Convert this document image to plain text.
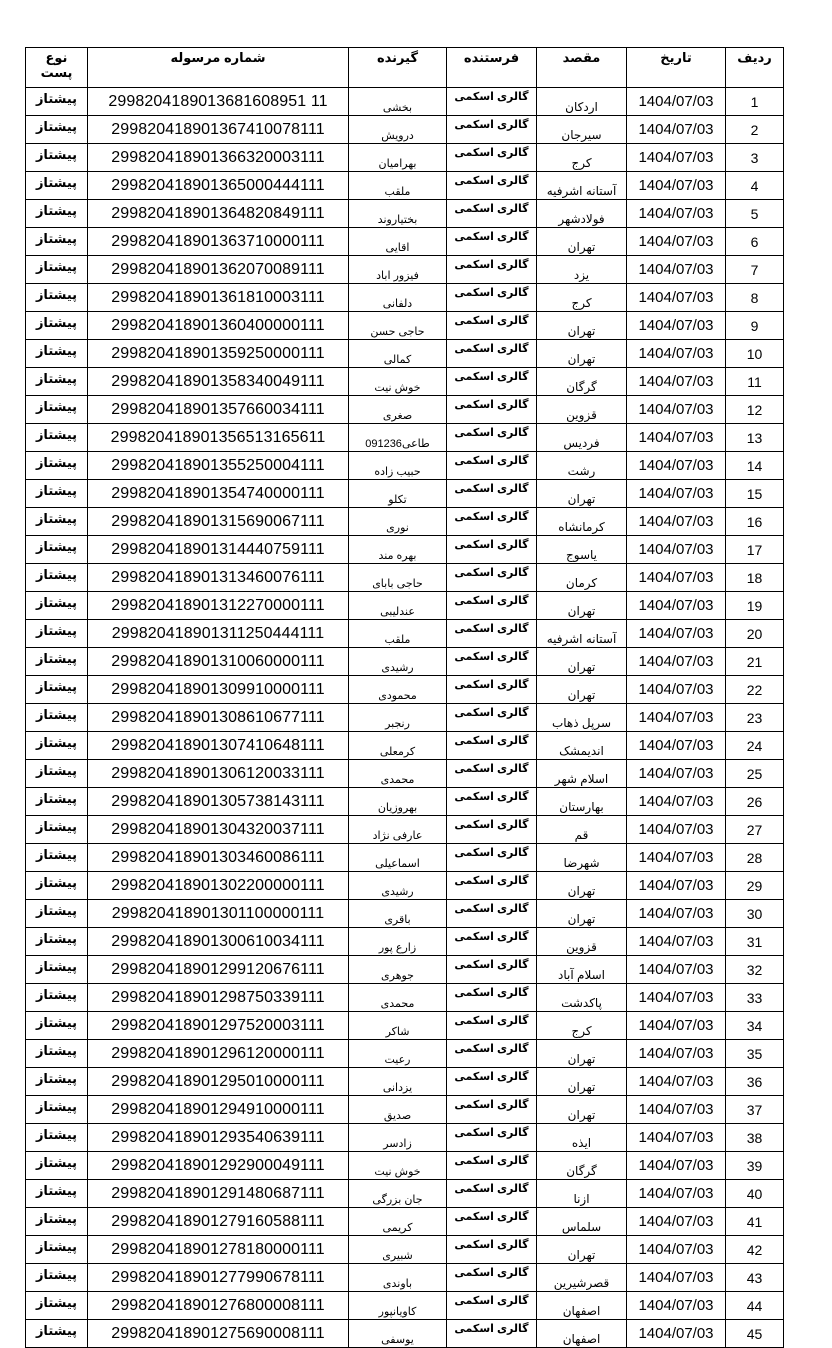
نوع
پست	شماره مرسوله	گیرنده	فرستنده	مقصد	تاریخ	ردیف
پیشتاز	2998204189013681608951 11	بخشی	گالری اسکمی	اردکان	1404/07/03	1
پیشتاز	299820418901367410078111	درویش	گالری اسکمی	سیرجان	1404/07/03	2
پیشتاز	299820418901366320003111	بهرامیان	گالری اسکمی	کرج	1404/07/03	3
پیشتاز	299820418901365000444111	ملقب	گالری اسکمی	آستانه اشرفیه	1404/07/03	4
پیشتاز	299820418901364820849111	بختیاروند	گالری اسکمی	فولادشهر	1404/07/03	5
پیشتاز	299820418901363710000111	اقایی	گالری اسکمی	تهران	1404/07/03	6
پیشتاز	299820418901362070089111	فیزور اباد	گالری اسکمی	یزد	1404/07/03	7
پیشتاز	299820418901361810003111	دلفانی	گالری اسکمی	کرج	1404/07/03	8
پیشتاز	299820418901360400000111	حاجی حسن	گالری اسکمی	تهران	1404/07/03	9
پیشتاز	299820418901359250000111	کمالی	گالری اسکمی	تهران	1404/07/03	10
پیشتاز	299820418901358340049111	خوش نیت	گالری اسکمی	گرگان	1404/07/03	11
پیشتاز	299820418901357660034111	صغری	گالری اسکمی	قزوین	1404/07/03	12
پیشتاز	299820418901356513165611	طاعی091236	گالری اسکمی	فردیس	1404/07/03	13
پیشتاز	299820418901355250004111	حبیب زاده	گالری اسکمی	رشت	1404/07/03	14
پیشتاز	299820418901354740000111	تکلو	گالری اسکمی	تهران	1404/07/03	15
پیشتاز	299820418901315690067111	نوری	گالری اسکمی	کرمانشاه	1404/07/03	16
پیشتاز	299820418901314440759111	بهره مند	گالری اسکمی	یاسوج	1404/07/03	17
پیشتاز	299820418901313460076111	حاجی بابای	گالری اسکمی	کرمان	1404/07/03	18
پیشتاز	299820418901312270000111	عندلیبی	گالری اسکمی	تهران	1404/07/03	19
پیشتاز	299820418901311250444111	ملقب	گالری اسکمی	آستانه اشرفیه	1404/07/03	20
پیشتاز	299820418901310060000111	رشیدی	گالری اسکمی	تهران	1404/07/03	21
پیشتاز	299820418901309910000111	محمودی	گالری اسکمی	تهران	1404/07/03	22
پیشتاز	299820418901308610677111	رنجبر	گالری اسکمی	سرپل ذهاب	1404/07/03	23
پیشتاز	299820418901307410648111	کرمعلی	گالری اسکمی	اندیمشک	1404/07/03	24
پیشتاز	299820418901306120033111	محمدی	گالری اسکمی	اسلام شهر	1404/07/03	25
پیشتاز	299820418901305738143111	بهروزیان	گالری اسکمی	بهارستان	1404/07/03	26
پیشتاز	299820418901304320037111	عارفی نژاد	گالری اسکمی	قم	1404/07/03	27
پیشتاز	299820418901303460086111	اسماعیلی	گالری اسکمی	شهرضا	1404/07/03	28
پیشتاز	299820418901302200000111	رشیدی	گالری اسکمی	تهران	1404/07/03	29
پیشتاز	299820418901301100000111	باقری	گالری اسکمی	تهران	1404/07/03	30
پیشتاز	299820418901300610034111	زارع پور	گالری اسکمی	قزوین	1404/07/03	31
پیشتاز	299820418901299120676111	جوهری	گالری اسکمی	اسلام آباد	1404/07/03	32
پیشتاز	299820418901298750339111	محمدی	گالری اسکمی	پاکدشت	1404/07/03	33
پیشتاز	299820418901297520003111	شاکر	گالری اسکمی	کرج	1404/07/03	34
پیشتاز	299820418901296120000111	رعیت	گالری اسکمی	تهران	1404/07/03	35
پیشتاز	299820418901295010000111	یزدانی	گالری اسکمی	تهران	1404/07/03	36
پیشتاز	299820418901294910000111	صدیق	گالری اسکمی	تهران	1404/07/03	37
پیشتاز	299820418901293540639111	زادسر	گالری اسکمی	ایذه	1404/07/03	38
پیشتاز	299820418901292900049111	خوش نیت	گالری اسکمی	گرگان	1404/07/03	39
پیشتاز	299820418901291480687111	جان بزرگی	گالری اسکمی	ازنا	1404/07/03	40
پیشتاز	299820418901279160588111	کریمی	گالری اسکمی	سلماس	1404/07/03	41
پیشتاز	299820418901278180000111	شبیری	گالری اسکمی	تهران	1404/07/03	42
پیشتاز	299820418901277990678111	باوندی	گالری اسکمی	قصرشیرین	1404/07/03	43
پیشتاز	299820418901276800008111	کاویانپور	گالری اسکمی	اصفهان	1404/07/03	44
پیشتاز	299820418901275690008111	یوسفی	گالری اسکمی	اصفهان	1404/07/03	45
